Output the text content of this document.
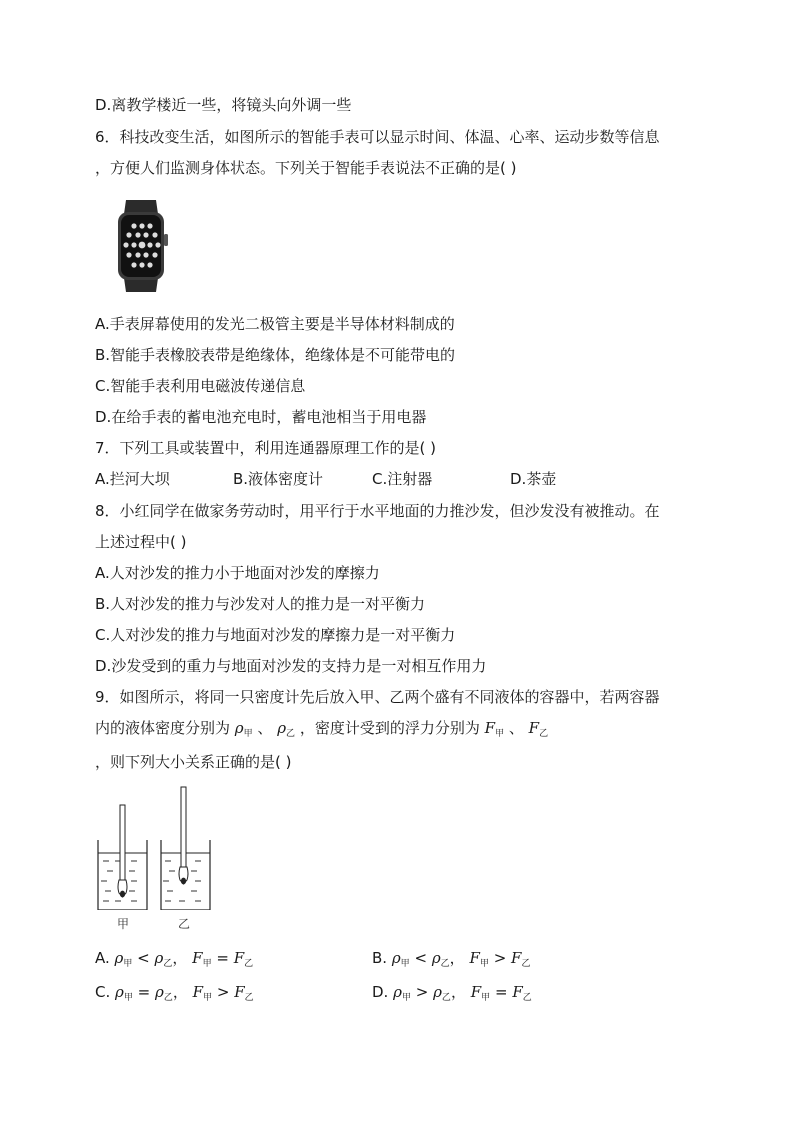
D.离教学楼近一些，将镜头向外调一些
6．科技改变生活，如图所示的智能手表可以显示时间、体温、心率、运动步数等信息
，方便人们监测身体状态。下列关于智能手表说法不正确的是( )
A.手表屏幕使用的发光二极管主要是半导体材料制成的
B.智能手表橡胶表带是绝缘体，绝缘体是不可能带电的
C.智能手表利用电磁波传递信息
D.在给手表的蓄电池充电时，蓄电池相当于用电器
7．下列工具或装置中，利用连通器原理工作的是( )
A.拦河大坝	B.液体密度计	C.注射器	D.茶壶
8．小红同学在做家务劳动时，用平行于水平地面的力推沙发，但沙发没有被推动。在
上述过程中( )
A.人对沙发的推力小于地面对沙发的摩擦力
B.人对沙发的推力与沙发对人的推力是一对平衡力
C.人对沙发的推力与地面对沙发的摩擦力是一对平衡力
D.沙发受到的重力与地面对沙发的支持力是一对相互作用力
9．如图所示，将同一只密度计先后放入甲、乙两个盛有不同液体的容器中，若两容器
内的液体密度分别为 $\rho_甲$ 、 $\rho_乙$ ，密度计受到的浮力分别为 $F_甲$ 、 $F_乙$
，则下列大小关系正确的是( )
甲	乙
A. $\rho_甲 < \rho_乙$， $F_甲 = F_乙$	B. $\rho_甲 < \rho_乙$， $F_甲 > F_乙$
C. $\rho_甲 = \rho_乙$， $F_甲 > F_乙$	D. $\rho_甲 > \rho_乙$， $F_甲 = F_乙$
